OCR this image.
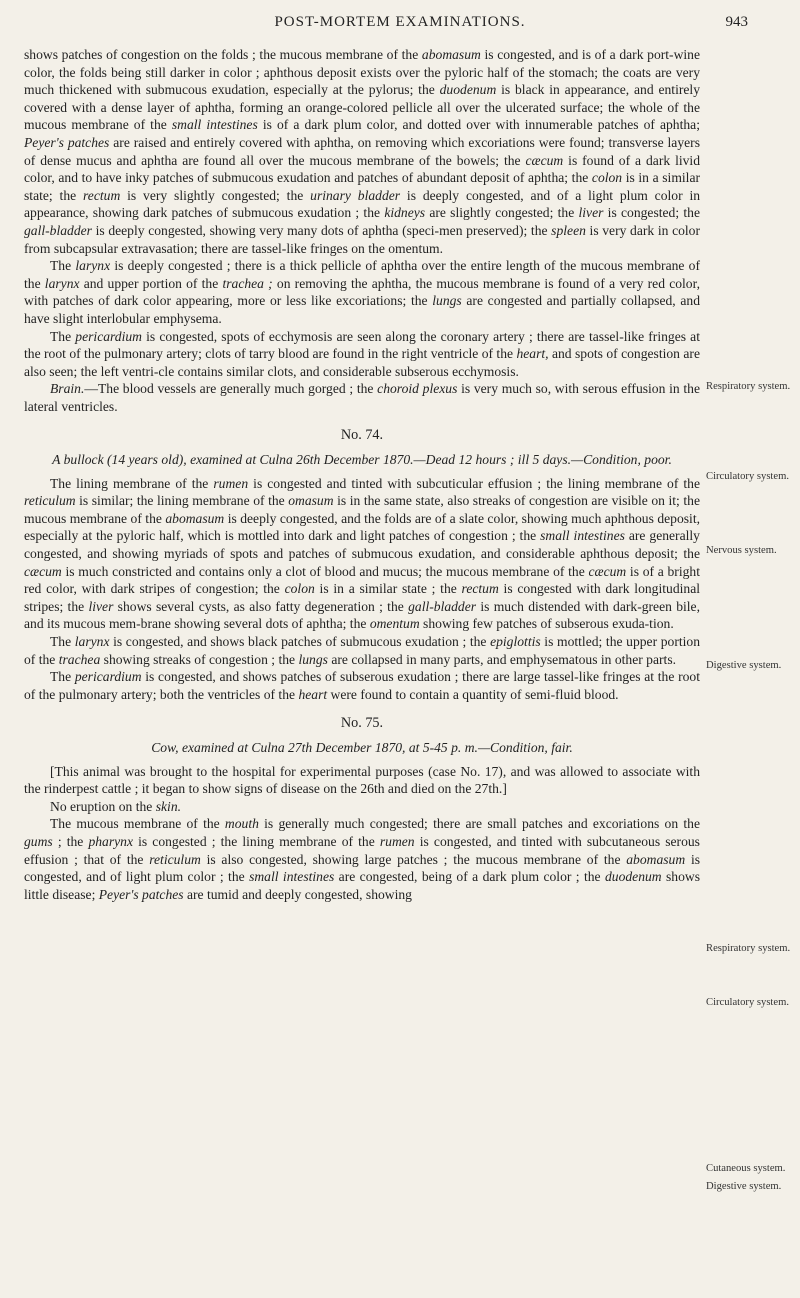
POST-MORTEM EXAMINATIONS.	943

shows patches of congestion on the folds ; the mucous membrane of the abomasum is congested, and is of a dark port-wine color, the folds being still darker in color ; aphthous deposit exists over the pyloric half of the stomach; the coats are very much thickened with submucous exudation, especially at the pylorus; the duodenum is black in appearance, and entirely covered with a dense layer of aphtha, forming an orange-colored pellicle all over the ulcerated surface; the whole of the mucous membrane of the small intestines is of a dark plum color, and dotted over with innumerable patches of aphtha; Peyer's patches are raised and entirely covered with aphtha, on removing which excoriations were found; transverse layers of dense mucus and aphtha are found all over the mucous membrane of the bowels; the cæcum is found of a dark livid color, and to have inky patches of submucous exudation and patches of abundant deposit of aphtha; the colon is in a similar state; the rectum is very slightly congested; the urinary bladder is deeply congested, and of a light plum color in appearance, showing dark patches of submucous exudation ; the kidneys are slightly congested; the liver is congested; the gall-bladder is deeply congested, showing very many dots of aphtha (speci-men preserved); the spleen is very dark in color from subcapsular extravasation; there are tassel-like fringes on the omentum.

The larynx is deeply congested ; there is a thick pellicle of aphtha over the entire length of the mucous membrane of the larynx and upper portion of the trachea ; on removing the aphtha, the mucous membrane is found of a very red color, with patches of dark color appearing, more or less like excoriations; the lungs are congested and partially collapsed, and have slight interlobular emphysema.

The pericardium is congested, spots of ecchymosis are seen along the coronary artery ; there are tassel-like fringes at the root of the pulmonary artery; clots of tarry blood are found in the right ventricle of the heart, and spots of congestion are also seen; the left ventri-cle contains similar clots, and considerable subserous ecchymosis.

Brain.—The blood vessels are generally much gorged ; the choroid plexus is very much so, with serous effusion in the lateral ventricles.

No. 74.

A bullock (14 years old), examined at Culna 26th December 1870.—Dead 12 hours ; ill 5 days.—Condition, poor.

The lining membrane of the rumen is congested and tinted with subcuticular effusion ; the lining membrane of the reticulum is similar; the lining membrane of the omasum is in the same state, also streaks of congestion are visible on it; the mucous membrane of the abomasum is deeply congested, and the folds are of a slate color, showing much aphthous deposit, especially at the pyloric half, which is mottled into dark and light patches of congestion ; the small intestines are generally congested, and showing myriads of spots and patches of submucous exudation, and considerable aphthous deposit; the cæcum is much constricted and contains only a clot of blood and mucus; the mucous membrane of the cæcum is of a bright red color, with dark stripes of congestion; the colon is in a similar state ; the rectum is congested with dark longitudinal stripes; the liver shows several cysts, as also fatty degeneration ; the gall-bladder is much distended with dark-green bile, and its mucous mem-brane showing several dots of aphtha; the omentum showing few patches of subserous exuda-tion.

The larynx is congested, and shows black patches of submucous exudation ; the epiglottis is mottled; the upper portion of the trachea showing streaks of congestion ; the lungs are collapsed in many parts, and emphysematous in other parts.

The pericardium is congested, and shows patches of subserous exudation ; there are large tassel-like fringes at the root of the pulmonary artery; both the ventricles of the heart were found to contain a quantity of semi-fluid blood.

No. 75.

Cow, examined at Culna 27th December 1870, at 5-45 p. m.—Condition, fair.

[This animal was brought to the hospital for experimental purposes (case No. 17), and was allowed to associate with the rinderpest cattle ; it began to show signs of disease on the 26th and died on the 27th.]

No eruption on the skin.

The mucous membrane of the mouth is generally much congested; there are small patches and excoriations on the gums ; the pharynx is congested ; the lining membrane of the rumen is congested, and tinted with subcutaneous serous effusion ; that of the reticulum is also congested, showing large patches ; the mucous membrane of the abomasum is congested, and of light plum color ; the small intestines are congested, being of a dark plum color ; the duodenum shows little disease; Peyer's patches are tumid and deeply congested, showing

Respiratory system.
Circulatory system.
Nervous system.
Digestive system.
Respiratory system.
Circulatory system.
Cutaneous system.
Digestive system.
